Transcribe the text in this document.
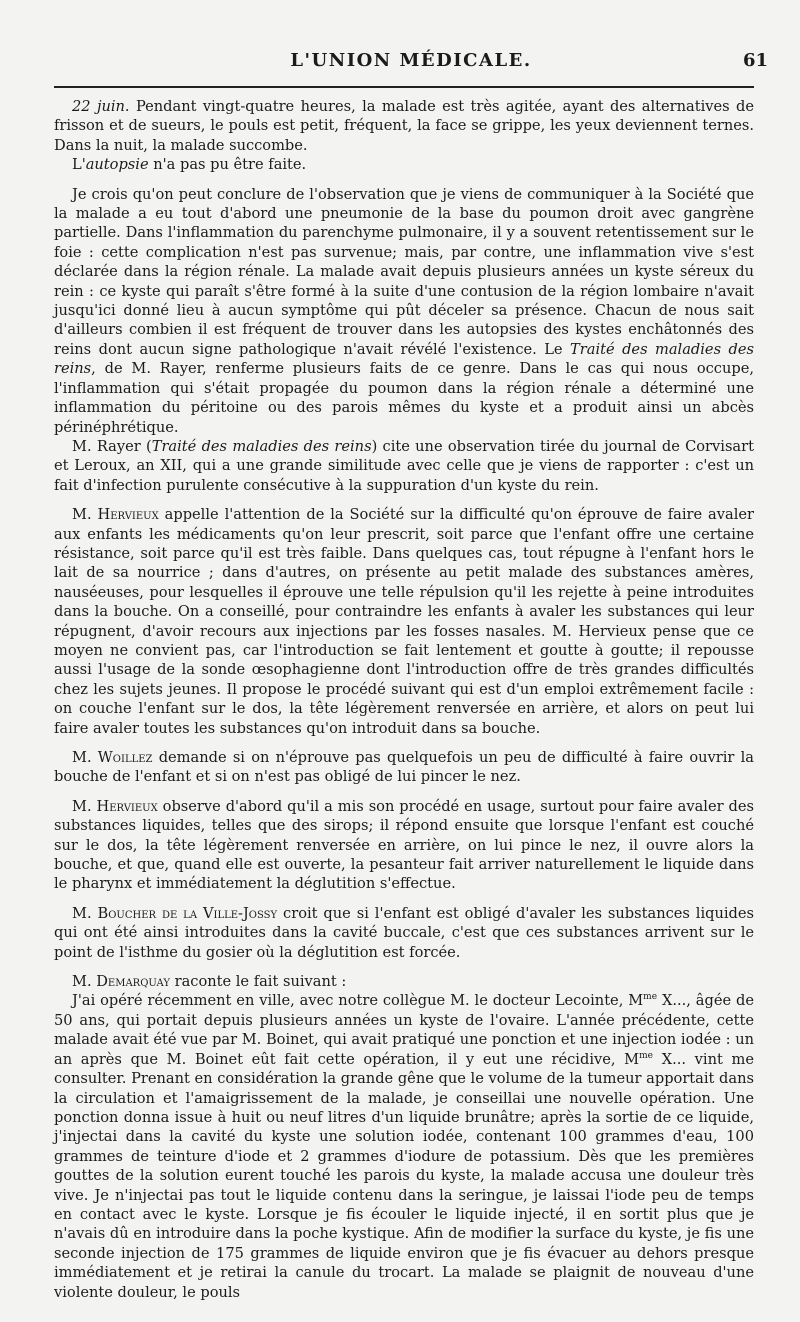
L'UNION MÉDICALE.	61

22 juin. Pendant vingt-quatre heures, la malade est très agitée, ayant des alternatives de frisson et de sueurs, le pouls est petit, fréquent, la face se grippe, les yeux deviennent ternes. Dans la nuit, la malade succombe.

L'autopsie n'a pas pu être faite.

Je crois qu'on peut conclure de l'observation que je viens de communiquer à la Société que la malade a eu tout d'abord une pneumonie de la base du poumon droit avec gangrène partielle. Dans l'inflammation du parenchyme pulmonaire, il y a souvent retentissement sur le foie : cette complication n'est pas survenue; mais, par contre, une inflammation vive s'est déclarée dans la région rénale. La malade avait depuis plusieurs années un kyste séreux du rein : ce kyste qui paraît s'être formé à la suite d'une contusion de la région lombaire n'avait jusqu'ici donné lieu à aucun symptôme qui pût déceler sa présence. Chacun de nous sait d'ailleurs combien il est fréquent de trouver dans les autopsies des kystes enchâtonnés des reins dont aucun signe pathologique n'avait révélé l'existence. Le Traité des maladies des reins, de M. Rayer, renferme plusieurs faits de ce genre. Dans le cas qui nous occupe, l'inflammation qui s'était propagée du poumon dans la région rénale a déterminé une inflammation du péritoine ou des parois mêmes du kyste et a produit ainsi un abcès périnéphrétique.

M. Rayer (Traité des maladies des reins) cite une observation tirée du journal de Corvisart et Leroux, an XII, qui a une grande similitude avec celle que je viens de rapporter : c'est un fait d'infection purulente consécutive à la suppuration d'un kyste du rein.

M. Hervieux appelle l'attention de la Société sur la difficulté qu'on éprouve de faire avaler aux enfants les médicaments qu'on leur prescrit, soit parce que l'enfant offre une certaine résistance, soit parce qu'il est très faible. Dans quelques cas, tout répugne à l'enfant hors le lait de sa nourrice ; dans d'autres, on présente au petit malade des substances amères, nauséeuses, pour lesquelles il éprouve une telle répulsion qu'il les rejette à peine introduites dans la bouche. On a conseillé, pour contraindre les enfants à avaler les substances qui leur répugnent, d'avoir recours aux injections par les fosses nasales. M. Hervieux pense que ce moyen ne convient pas, car l'introduction se fait lentement et goutte à goutte; il repousse aussi l'usage de la sonde œsophagienne dont l'introduction offre de très grandes difficultés chez les sujets jeunes. Il propose le procédé suivant qui est d'un emploi extrêmement facile : on couche l'enfant sur le dos, la tête légèrement renversée en arrière, et alors on peut lui faire avaler toutes les substances qu'on introduit dans sa bouche.

M. Woillez demande si on n'éprouve pas quelquefois un peu de difficulté à faire ouvrir la bouche de l'enfant et si on n'est pas obligé de lui pincer le nez.

M. Hervieux observe d'abord qu'il a mis son procédé en usage, surtout pour faire avaler des substances liquides, telles que des sirops; il répond ensuite que lorsque l'enfant est couché sur le dos, la tête légèrement renversée en arrière, on lui pince le nez, il ouvre alors la bouche, et que, quand elle est ouverte, la pesanteur fait arriver naturellement le liquide dans le pharynx et immédiatement la déglutition s'effectue.

M. Boucher de la Ville-Jossy croit que si l'enfant est obligé d'avaler les substances liquides qui ont été ainsi introduites dans la cavité buccale, c'est que ces substances arrivent sur le point de l'isthme du gosier où la déglutition est forcée.

M. Demarquay raconte le fait suivant :

J'ai opéré récemment en ville, avec notre collègue M. le docteur Lecointe, $M^{me}$ X..., âgée de 50 ans, qui portait depuis plusieurs années un kyste de l'ovaire. L'année précédente, cette malade avait été vue par M. Boinet, qui avait pratiqué une ponction et une injection iodée : un an après que M. Boinet eût fait cette opération, il y eut une récidive, $M^{me}$ X... vint me consulter. Prenant en considération la grande gêne que le volume de la tumeur apportait dans la circulation et l'amaigrissement de la malade, je conseillai une nouvelle opération. Une ponction donna issue à huit ou neuf litres d'un liquide brunâtre; après la sortie de ce liquide, j'injectai dans la cavité du kyste une solution iodée, contenant 100 grammes d'eau, 100 grammes de teinture d'iode et 2 grammes d'iodure de potassium. Dès que les premières gouttes de la solution eurent touché les parois du kyste, la malade accusa une douleur très vive. Je n'injectai pas tout le liquide contenu dans la seringue, je laissai l'iode peu de temps en contact avec le kyste. Lorsque je fis écouler le liquide injecté, il en sortit plus que je n'avais dû en introduire dans la poche kystique. Afin de modifier la surface du kyste, je fis une seconde injection de 175 grammes de liquide environ que je fis évacuer au dehors presque immédiatement et je retirai la canule du trocart. La malade se plaignit de nouveau d'une violente douleur, le pouls
